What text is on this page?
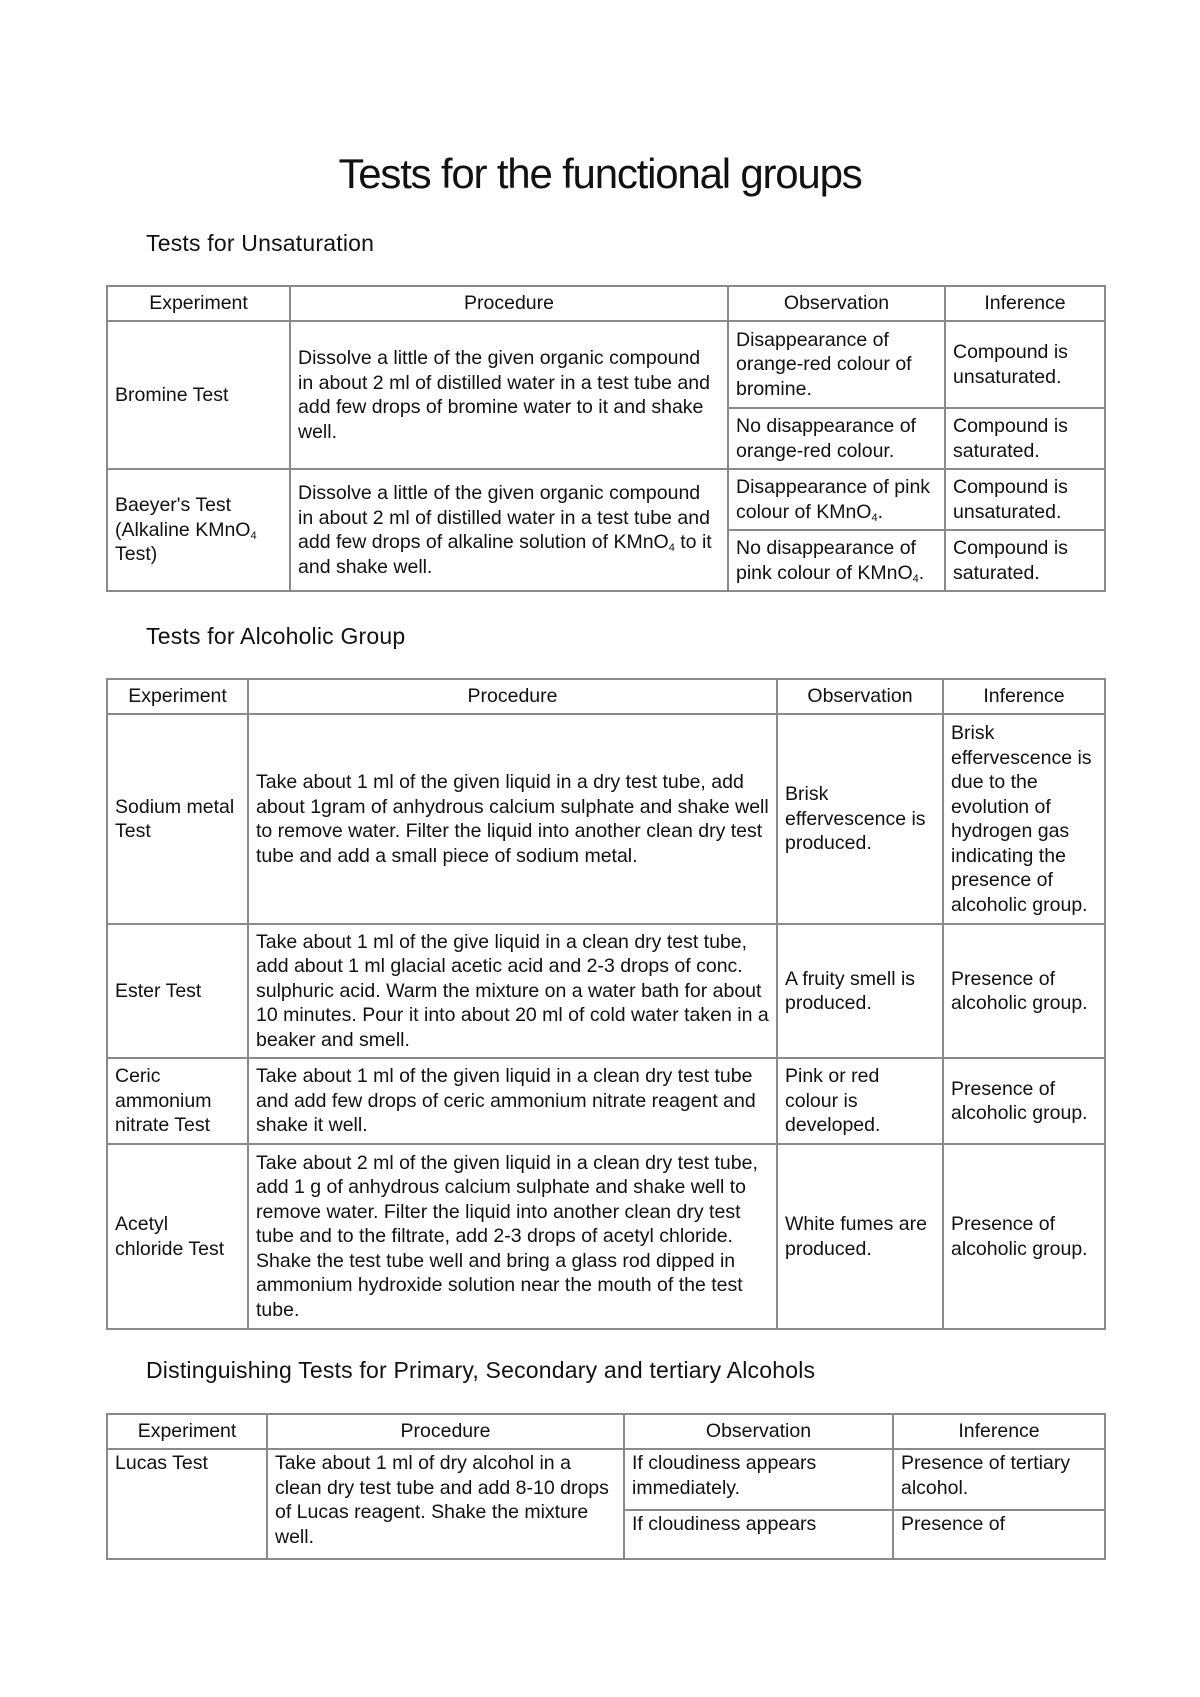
Tests for the functional groups
Tests for Unsaturation
Experiment	Procedure	Observation	Inference
Bromine Test	Dissolve a little of the given organic compound in about 2 ml of distilled water in a test tube and add few drops of bromine water to it and shake well.	Disappearance of orange-red colour of bromine.	Compound is unsaturated.
		No disappearance of orange-red colour.	Compound is saturated.
Baeyer's Test
(Alkaline KMnO$_4$ Test)	Dissolve a little of the given organic compound in about 2 ml of distilled water in a test tube and add few drops of alkaline solution of KMnO$_4$ to it and shake well.	Disappearance of pink colour of KMnO$_4$.	Compound is unsaturated.
		No disappearance of pink colour of KMnO$_4$.	Compound is saturated.
Tests for Alcoholic Group
Experiment	Procedure	Observation	Inference
Sodium metal Test	Take about 1 ml of the given liquid in a dry test tube, add about 1gram of anhydrous calcium sulphate and shake well to remove water. Filter the liquid into another clean dry test tube and add a small piece of sodium metal.	Brisk effervescence is produced.	Brisk effervescence is due to the evolution of hydrogen gas indicating the presence of alcoholic group.
Ester Test	Take about 1 ml of the give liquid in a clean dry test tube, add about 1 ml glacial acetic acid and 2-3 drops of conc. sulphuric acid. Warm the mixture on a water bath for about 10 minutes. Pour it into about 20 ml of cold water taken in a beaker and smell.	A fruity smell is produced.	Presence of alcoholic group.
Ceric ammonium nitrate Test	Take about 1 ml of the given liquid in a clean dry test tube and add few drops of ceric ammonium nitrate reagent and shake it well.	Pink or red colour is developed.	Presence of alcoholic group.
Acetyl chloride Test	Take about 2 ml of the given liquid in a clean dry test tube, add 1 g of anhydrous calcium sulphate and shake well to remove water. Filter the liquid into another clean dry test tube and to the filtrate, add 2-3 drops of acetyl chloride. Shake the test tube well and bring a glass rod dipped in ammonium hydroxide solution near the mouth of the test tube.	White fumes are produced.	Presence of alcoholic group.
Distinguishing Tests for Primary, Secondary and tertiary Alcohols
Experiment	Procedure	Observation	Inference
Lucas Test	Take about 1 ml of dry alcohol in a clean dry test tube and add 8-10 drops of Lucas reagent. Shake the mixture well.	If cloudiness appears immediately.	Presence of tertiary alcohol.
		If cloudiness appears	Presence of
